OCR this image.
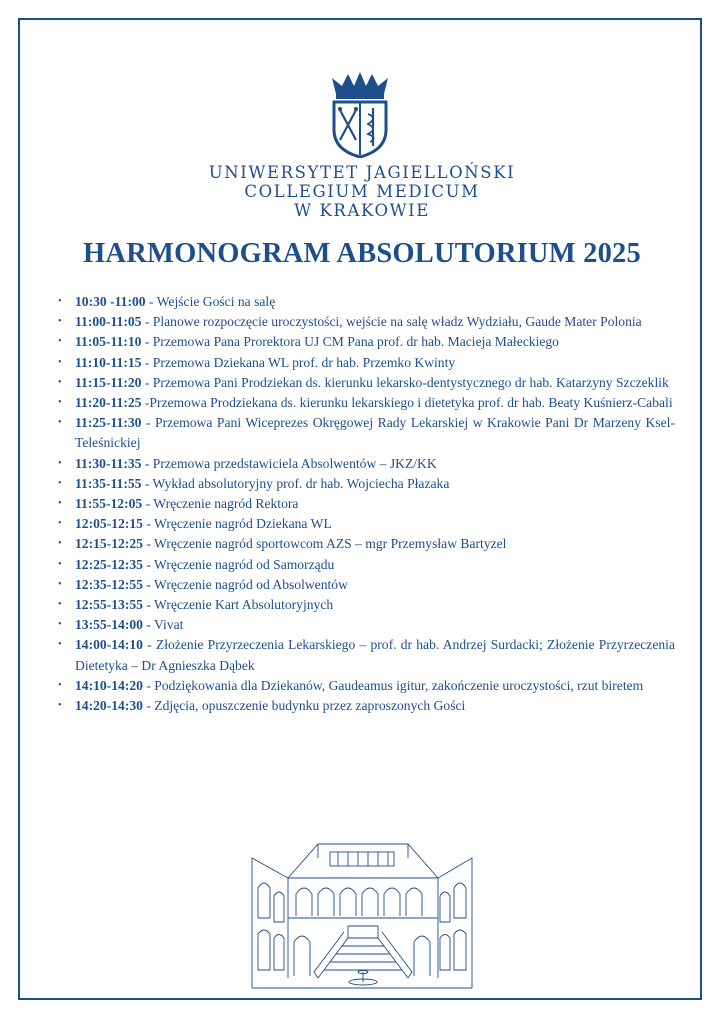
UNIWERSYTET JAGIELLOŃSKI
COLLEGIUM MEDICUM
W KRAKOWIE
HARMONOGRAM ABSOLUTORIUM 2025
• 10:30 -11:00 - Wejście Gości na salę
• 11:00-11:05 - Planowe rozpoczęcie uroczystości, wejście na salę władz Wydziału, Gaude Mater Polonia
• 11:05-11:10 - Przemowa Pana Prorektora UJ CM Pana prof. dr hab. Macieja Małeckiego
• 11:10-11:15 - Przemowa Dziekana WL prof. dr hab. Przemko Kwinty
• 11:15-11:20 - Przemowa Pani Prodziekan ds. kierunku lekarsko-dentystycznego dr hab. Katarzyny Szczeklik
• 11:20-11:25 -Przemowa Prodziekana ds. kierunku lekarskiego i dietetyka prof. dr hab. Beaty Kuśnierz-Cabali
• 11:25-11:30 - Przemowa Pani Wiceprezes Okręgowej Rady Lekarskiej w Krakowie Pani Dr Marzeny Ksel-Teleśnickiej
• 11:30-11:35 - Przemowa przedstawiciela Absolwentów – JKZ/KK
• 11:35-11:55 - Wykład absolutoryjny prof. dr hab. Wojciecha Płazaka
• 11:55-12:05 - Wręczenie nagród Rektora
• 12:05-12:15 - Wręczenie nagród Dziekana WL
• 12:15-12:25 - Wręczenie nagród sportowcom AZS – mgr Przemysław Bartyzel
• 12:25-12:35 - Wręczenie nagród od Samorządu
• 12:35-12:55 - Wręczenie nagród od Absolwentów
• 12:55-13:55 - Wręczenie Kart Absolutoryjnych
• 13:55-14:00 - Vivat
• 14:00-14:10 - Złożenie Przyrzeczenia Lekarskiego – prof. dr hab. Andrzej Surdacki; Złożenie Przyrzeczenia Dietetyka – Dr Agnieszka Dąbek
• 14:10-14:20 - Podziękowania dla Dziekanów, Gaudeamus igitur, zakończenie uroczystości, rzut biretem
• 14:20-14:30 - Zdjęcia, opuszczenie budynku przez zaproszonych Gości
